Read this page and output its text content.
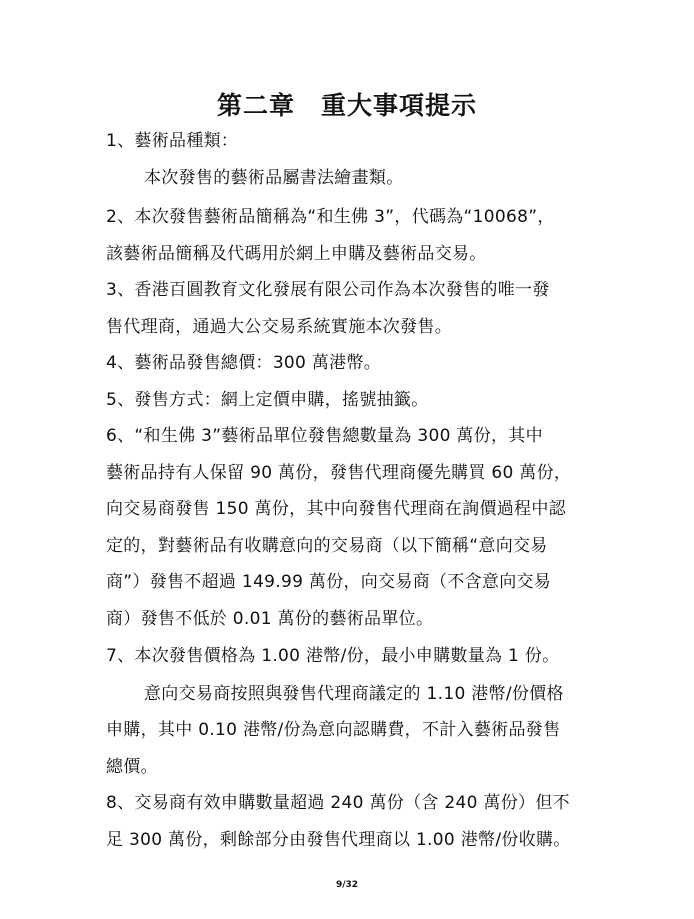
第二章　重大事項提示
1、藝術品種類：
本次發售的藝術品屬書法繪畫類。
2、本次發售藝術品簡稱為“和生佛 3”，代碼為“10068”，
該藝術品簡稱及代碼用於網上申購及藝術品交易。
3、香港百圓教育文化發展有限公司作為本次發售的唯一發
售代理商，通過大公交易系統實施本次發售。
4、藝術品發售總價：300 萬港幣。
5、發售方式：網上定價申購，搖號抽籤。
6、“和生佛 3”藝術品單位發售總數量為 300 萬份，其中
藝術品持有人保留 90 萬份，發售代理商優先購買 60 萬份，
向交易商發售 150 萬份，其中向發售代理商在詢價過程中認
定的，對藝術品有收購意向的交易商（以下簡稱“意向交易
商”）發售不超過 149.99 萬份，向交易商（不含意向交易
商）發售不低於 0.01 萬份的藝術品單位。
7、本次發售價格為 1.00 港幣/份，最小申購數量為 1 份。
意向交易商按照與發售代理商議定的 1.10 港幣/份價格
申購，其中 0.10 港幣/份為意向認購費，不計入藝術品發售
總價。
8、交易商有效申購數量超過 240 萬份（含 240 萬份）但不
足 300 萬份，剩餘部分由發售代理商以 1.00 港幣/份收購。
9/32
